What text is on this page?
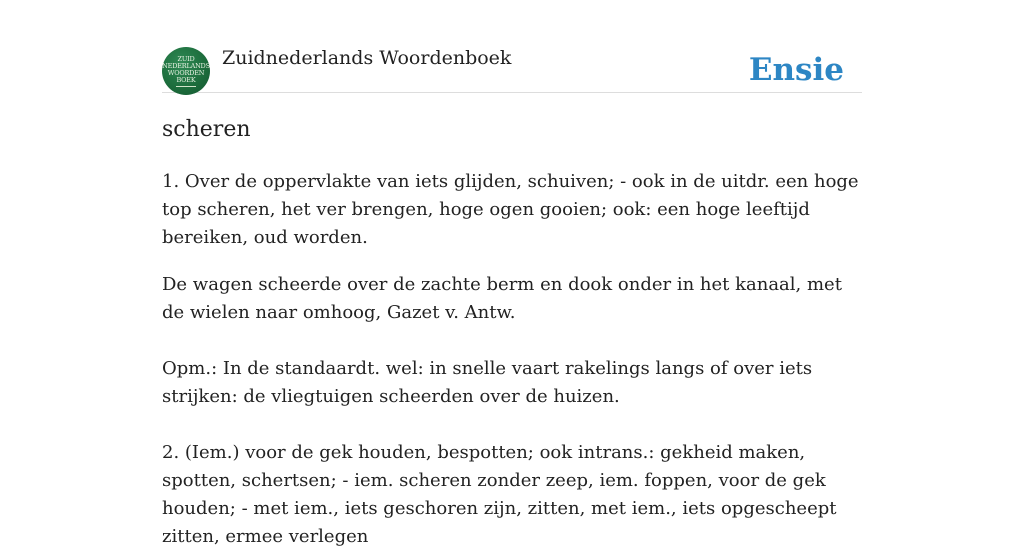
ZUID
NEDERLANDS
WOORDEN
BOEK
Zuidnederlands Woordenboek	Ensie
scheren

1. Over de oppervlakte van iets glijden, schuiven; - ook in de uitdr. een hoge top scheren, het ver brengen, hoge ogen gooien; ook: een hoge leeftijd bereiken, oud worden.

De wagen scheerde over de zachte berm en dook onder in het kanaal, met de wielen naar omhoog, Gazet v. Antw.

Opm.: In de standaardt. wel: in snelle vaart rakelings langs of over iets strijken: de vliegtuigen scheerden over de huizen.

2. (Iem.) voor de gek houden, bespotten; ook intrans.: gekheid maken, spotten, schertsen; - iem. scheren zonder zeep, iem. foppen, voor de gek houden; - met iem., iets geschoren zijn, zitten, met iem., iets opgescheept zitten, ermee verlegen
